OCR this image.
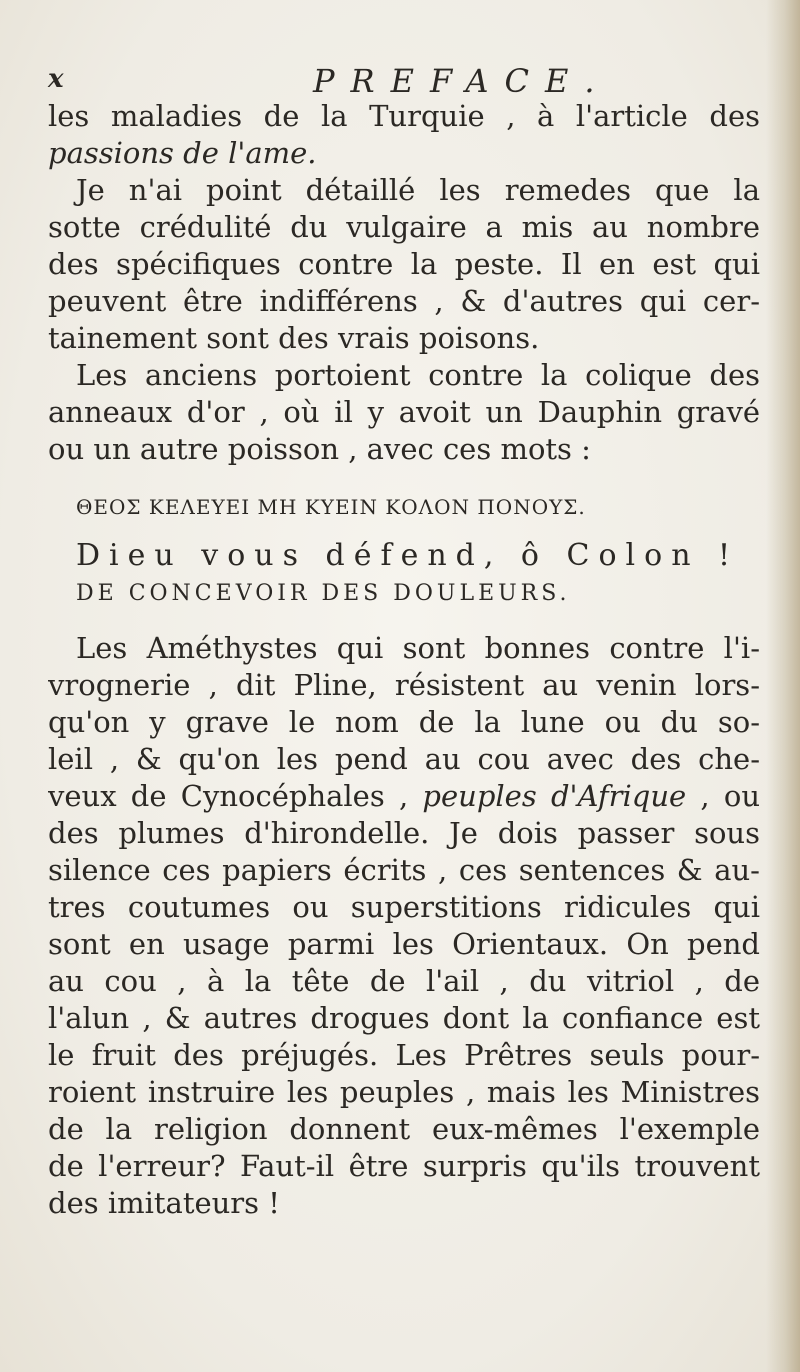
x	PREFACE.
les maladies de la Turquie , à l'article des
passions de l'ame.
Je n'ai point détaillé les remedes que la
sotte crédulité du vulgaire a mis au nombre
des spécifiques contre la peste. Il en est qui
peuvent être indifférens , & d'autres qui cer-
tainement sont des vrais poisons.
Les anciens portoient contre la colique des
anneaux d'or , où il y avoit un Dauphin gravé
ou un autre poisson , avec ces mots :
ΘΕΟΣ ΚΕΛΕΥΕΙ ΜΗ ΚΥΕΙΝ ΚΟΛΟΝ ΠΟΝΟΥΣ.
Dieu vous défend, ô Colon !
DE CONCEVOIR DES DOULEURS.
Les Améthystes qui sont bonnes contre l'i-
vrognerie , dit Pline, résistent au venin lors-
qu'on y grave le nom de la lune ou du so-
leil , & qu'on les pend au cou avec des che-
veux de Cynocéphales , peuples d'Afrique , ou
des plumes d'hirondelle. Je dois passer sous
silence ces papiers écrits , ces sentences & au-
tres coutumes ou superstitions ridicules qui
sont en usage parmi les Orientaux. On pend
au cou , à la tête de l'ail , du vitriol , de
l'alun , & autres drogues dont la confiance est
le fruit des préjugés. Les Prêtres seuls pour-
roient instruire les peuples , mais les Ministres
de la religion donnent eux-mêmes l'exemple
de l'erreur? Faut-il être surpris qu'ils trouvent
des imitateurs !
